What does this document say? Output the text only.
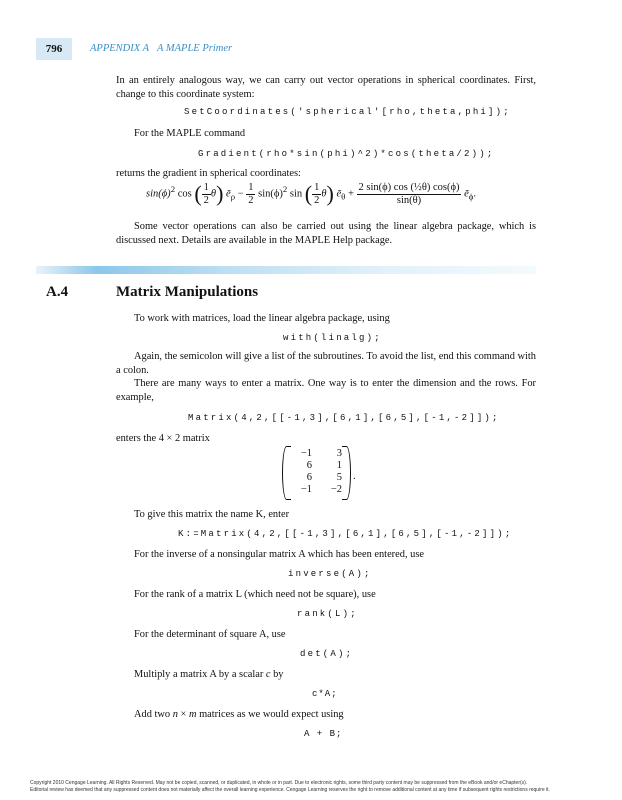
796	APPENDIX A A MAPLE Primer
In an entirely analogous way, we can carry out vector operations in spherical coordinates. First, change to this coordinate system:
SetCoordinates('spherical'[rho,theta,phi]);
For the MAPLE command
Gradient(rho*sin(phi)^2)*cos(theta/2));
returns the gradient in spherical coordinates:
$\sin(\phi)^2$ cos ( $\frac{1}{2} \theta$) $ē_\rho - \frac{1}{2} \sin(\phi)^2$ sin ( $\frac{1}{2} \theta$) $ē_\theta + \frac{\text{2 sin(ϕ) cos (½θ) cos(ϕ)}}{\sin(\theta)}$ $ē_\phi$.
Some vector operations can also be carried out using the linear algebra package, which is discussed next. Details are available in the MAPLE Help package.
A.4	Matrix Manipulations
To work with matrices, load the linear algebra package, using
with(linalg);
Again, the semicolon will give a list of the subroutines. To avoid the list, end this command with a colon.
There are many ways to enter a matrix. One way is to enter the dimension and the rows. For example,
Matrix(4,2,[[-1,3],[6,1],[6,5],[-1,-2]]);
enters the 4 × 2 matrix
−1	3
6	1
6	5
−1	−2
.
To give this matrix the name K, enter
K:=Matrix(4,2,[[-1,3],[6,1],[6,5],[-1,-2]]);
For the inverse of a nonsingular matrix A which has been entered, use
inverse(A);
For the rank of a matrix L (which need not be square), use
rank(L);
For the determinant of square A, use
det(A);
Multiply a matrix A by a scalar c by
c*A;
Add two n × m matrices as we would expect using
A + B;
Copyright 2010 Cengage Learning. All Rights Reserved. May not be copied, scanned, or duplicated, in whole or in part. Due to electronic rights, some third party content may be suppressed from the eBook and/or eChapter(s).
Editorial review has deemed that any suppressed content does not materially affect the overall learning experience. Cengage Learning reserves the right to remove additional content at any time if subsequent rights restrictions require it.
